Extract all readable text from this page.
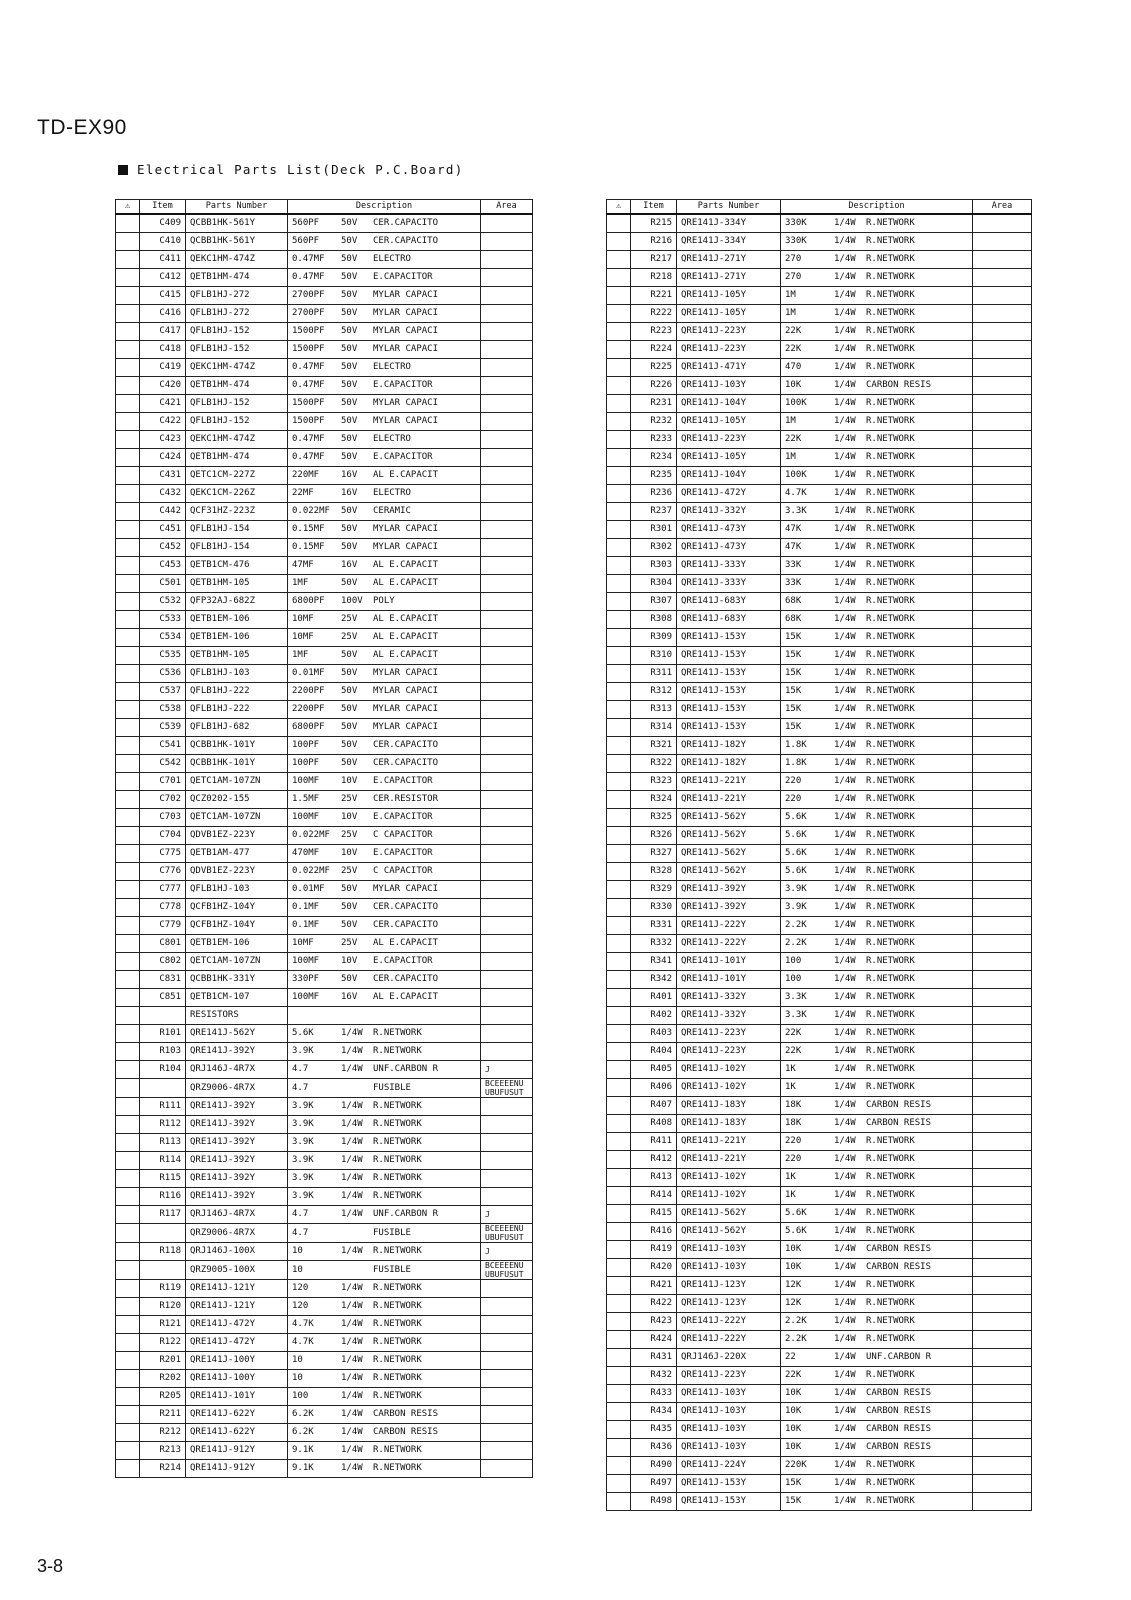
TD-EX90
Electrical Parts List(Deck P.C.Board)
⚠	Item	Parts Number	Description	Area
	C409	QCBB1HK-561Y	560PF 50V CER.CAPACITO	
	C410	QCBB1HK-561Y	560PF 50V CER.CAPACITO	
	C411	QEKC1HM-474Z	0.47MF 50V ELECTRO	
	C412	QETB1HM-474	0.47MF 50V E.CAPACITOR	
	C415	QFLB1HJ-272	2700PF 50V MYLAR CAPACI	
	C416	QFLB1HJ-272	2700PF 50V MYLAR CAPACI	
	C417	QFLB1HJ-152	1500PF 50V MYLAR CAPACI	
	C418	QFLB1HJ-152	1500PF 50V MYLAR CAPACI	
	C419	QEKC1HM-474Z	0.47MF 50V ELECTRO	
	C420	QETB1HM-474	0.47MF 50V E.CAPACITOR	
	C421	QFLB1HJ-152	1500PF 50V MYLAR CAPACI	
	C422	QFLB1HJ-152	1500PF 50V MYLAR CAPACI	
	C423	QEKC1HM-474Z	0.47MF 50V ELECTRO	
	C424	QETB1HM-474	0.47MF 50V E.CAPACITOR	
	C431	QETC1CM-227Z	220MF 16V AL E.CAPACIT	
	C432	QEKC1CM-226Z	22MF 16V ELECTRO	
	C442	QCF31HZ-223Z	0.022MF 50V CERAMIC	
	C451	QFLB1HJ-154	0.15MF 50V MYLAR CAPACI	
	C452	QFLB1HJ-154	0.15MF 50V MYLAR CAPACI	
	C453	QETB1CM-476	47MF 16V AL E.CAPACIT	
	C501	QETB1HM-105	1MF 50V AL E.CAPACIT	
	C532	QFP32AJ-682Z	6800PF 100V POLY	
	C533	QETB1EM-106	10MF 25V AL E.CAPACIT	
	C534	QETB1EM-106	10MF 25V AL E.CAPACIT	
	C535	QETB1HM-105	1MF 50V AL E.CAPACIT	
	C536	QFLB1HJ-103	0.01MF 50V MYLAR CAPACI	
	C537	QFLB1HJ-222	2200PF 50V MYLAR CAPACI	
	C538	QFLB1HJ-222	2200PF 50V MYLAR CAPACI	
	C539	QFLB1HJ-682	6800PF 50V MYLAR CAPACI	
	C541	QCBB1HK-101Y	100PF 50V CER.CAPACITO	
	C542	QCBB1HK-101Y	100PF 50V CER.CAPACITO	
	C701	QETC1AM-107ZN	100MF 10V E.CAPACITOR	
	C702	QCZ0202-155	1.5MF 25V CER.RESISTOR	
	C703	QETC1AM-107ZN	100MF 10V E.CAPACITOR	
	C704	QDVB1EZ-223Y	0.022MF 25V C CAPACITOR	
	C775	QETB1AM-477	470MF 10V E.CAPACITOR	
	C776	QDVB1EZ-223Y	0.022MF 25V C CAPACITOR	
	C777	QFLB1HJ-103	0.01MF 50V MYLAR CAPACI	
	C778	QCFB1HZ-104Y	0.1MF 50V CER.CAPACITO	
	C779	QCFB1HZ-104Y	0.1MF 50V CER.CAPACITO	
	C801	QETB1EM-106	10MF 25V AL E.CAPACIT	
	C802	QETC1AM-107ZN	100MF 10V E.CAPACITOR	
	C831	QCBB1HK-331Y	330PF 50V CER.CAPACITO	
	C851	QETB1CM-107	100MF 16V AL E.CAPACIT	
		RESISTORS		
	R101	QRE141J-562Y	5.6K 1/4W R.NETWORK	
	R103	QRE141J-392Y	3.9K 1/4W R.NETWORK	
	R104	QRJ146J-4R7X	4.7 1/4W UNF.CARBON R	J
		QRZ9006-4R7X	4.7 FUSIBLE	BCEEEENU UBUFUSUT
	R111	QRE141J-392Y	3.9K 1/4W R.NETWORK	
	R112	QRE141J-392Y	3.9K 1/4W R.NETWORK	
	R113	QRE141J-392Y	3.9K 1/4W R.NETWORK	
	R114	QRE141J-392Y	3.9K 1/4W R.NETWORK	
	R115	QRE141J-392Y	3.9K 1/4W R.NETWORK	
	R116	QRE141J-392Y	3.9K 1/4W R.NETWORK	
	R117	QRJ146J-4R7X	4.7 1/4W UNF.CARBON R	J
		QRZ9006-4R7X	4.7 FUSIBLE	BCEEEENU UBUFUSUT
	R118	QRJ146J-100X	10 1/4W R.NETWORK	J
		QRZ9005-100X	10 FUSIBLE	BCEEEENU UBUFUSUT
	R119	QRE141J-121Y	120 1/4W R.NETWORK	
	R120	QRE141J-121Y	120 1/4W R.NETWORK	
	R121	QRE141J-472Y	4.7K 1/4W R.NETWORK	
	R122	QRE141J-472Y	4.7K 1/4W R.NETWORK	
	R201	QRE141J-100Y	10 1/4W R.NETWORK	
	R202	QRE141J-100Y	10 1/4W R.NETWORK	
	R205	QRE141J-101Y	100 1/4W R.NETWORK	
	R211	QRE141J-622Y	6.2K 1/4W CARBON RESIS	
	R212	QRE141J-622Y	6.2K 1/4W CARBON RESIS	
	R213	QRE141J-912Y	9.1K 1/4W R.NETWORK	
	R214	QRE141J-912Y	9.1K 1/4W R.NETWORK	
⚠	Item	Parts Number	Description	Area
	R215	QRE141J-334Y	330K 1/4W R.NETWORK	
	R216	QRE141J-334Y	330K 1/4W R.NETWORK	
	R217	QRE141J-271Y	270 1/4W R.NETWORK	
	R218	QRE141J-271Y	270 1/4W R.NETWORK	
	R221	QRE141J-105Y	1M 1/4W R.NETWORK	
	R222	QRE141J-105Y	1M 1/4W R.NETWORK	
	R223	QRE141J-223Y	22K 1/4W R.NETWORK	
	R224	QRE141J-223Y	22K 1/4W R.NETWORK	
	R225	QRE141J-471Y	470 1/4W R.NETWORK	
	R226	QRE141J-103Y	10K 1/4W CARBON RESIS	
	R231	QRE141J-104Y	100K 1/4W R.NETWORK	
	R232	QRE141J-105Y	1M 1/4W R.NETWORK	
	R233	QRE141J-223Y	22K 1/4W R.NETWORK	
	R234	QRE141J-105Y	1M 1/4W R.NETWORK	
	R235	QRE141J-104Y	100K 1/4W R.NETWORK	
	R236	QRE141J-472Y	4.7K 1/4W R.NETWORK	
	R237	QRE141J-332Y	3.3K 1/4W R.NETWORK	
	R301	QRE141J-473Y	47K 1/4W R.NETWORK	
	R302	QRE141J-473Y	47K 1/4W R.NETWORK	
	R303	QRE141J-333Y	33K 1/4W R.NETWORK	
	R304	QRE141J-333Y	33K 1/4W R.NETWORK	
	R307	QRE141J-683Y	68K 1/4W R.NETWORK	
	R308	QRE141J-683Y	68K 1/4W R.NETWORK	
	R309	QRE141J-153Y	15K 1/4W R.NETWORK	
	R310	QRE141J-153Y	15K 1/4W R.NETWORK	
	R311	QRE141J-153Y	15K 1/4W R.NETWORK	
	R312	QRE141J-153Y	15K 1/4W R.NETWORK	
	R313	QRE141J-153Y	15K 1/4W R.NETWORK	
	R314	QRE141J-153Y	15K 1/4W R.NETWORK	
	R321	QRE141J-182Y	1.8K 1/4W R.NETWORK	
	R322	QRE141J-182Y	1.8K 1/4W R.NETWORK	
	R323	QRE141J-221Y	220 1/4W R.NETWORK	
	R324	QRE141J-221Y	220 1/4W R.NETWORK	
	R325	QRE141J-562Y	5.6K 1/4W R.NETWORK	
	R326	QRE141J-562Y	5.6K 1/4W R.NETWORK	
	R327	QRE141J-562Y	5.6K 1/4W R.NETWORK	
	R328	QRE141J-562Y	5.6K 1/4W R.NETWORK	
	R329	QRE141J-392Y	3.9K 1/4W R.NETWORK	
	R330	QRE141J-392Y	3.9K 1/4W R.NETWORK	
	R331	QRE141J-222Y	2.2K 1/4W R.NETWORK	
	R332	QRE141J-222Y	2.2K 1/4W R.NETWORK	
	R341	QRE141J-101Y	100 1/4W R.NETWORK	
	R342	QRE141J-101Y	100 1/4W R.NETWORK	
	R401	QRE141J-332Y	3.3K 1/4W R.NETWORK	
	R402	QRE141J-332Y	3.3K 1/4W R.NETWORK	
	R403	QRE141J-223Y	22K 1/4W R.NETWORK	
	R404	QRE141J-223Y	22K 1/4W R.NETWORK	
	R405	QRE141J-102Y	1K 1/4W R.NETWORK	
	R406	QRE141J-102Y	1K 1/4W R.NETWORK	
	R407	QRE141J-183Y	18K 1/4W CARBON RESIS	
	R408	QRE141J-183Y	18K 1/4W CARBON RESIS	
	R411	QRE141J-221Y	220 1/4W R.NETWORK	
	R412	QRE141J-221Y	220 1/4W R.NETWORK	
	R413	QRE141J-102Y	1K 1/4W R.NETWORK	
	R414	QRE141J-102Y	1K 1/4W R.NETWORK	
	R415	QRE141J-562Y	5.6K 1/4W R.NETWORK	
	R416	QRE141J-562Y	5.6K 1/4W R.NETWORK	
	R419	QRE141J-103Y	10K 1/4W CARBON RESIS	
	R420	QRE141J-103Y	10K 1/4W CARBON RESIS	
	R421	QRE141J-123Y	12K 1/4W R.NETWORK	
	R422	QRE141J-123Y	12K 1/4W R.NETWORK	
	R423	QRE141J-222Y	2.2K 1/4W R.NETWORK	
	R424	QRE141J-222Y	2.2K 1/4W R.NETWORK	
	R431	QRJ146J-220X	22 1/4W UNF.CARBON R	
	R432	QRE141J-223Y	22K 1/4W R.NETWORK	
	R433	QRE141J-103Y	10K 1/4W CARBON RESIS	
	R434	QRE141J-103Y	10K 1/4W CARBON RESIS	
	R435	QRE141J-103Y	10K 1/4W CARBON RESIS	
	R436	QRE141J-103Y	10K 1/4W CARBON RESIS	
	R490	QRE141J-224Y	220K 1/4W R.NETWORK	
	R497	QRE141J-153Y	15K 1/4W R.NETWORK	
	R498	QRE141J-153Y	15K 1/4W R.NETWORK	
3-8
